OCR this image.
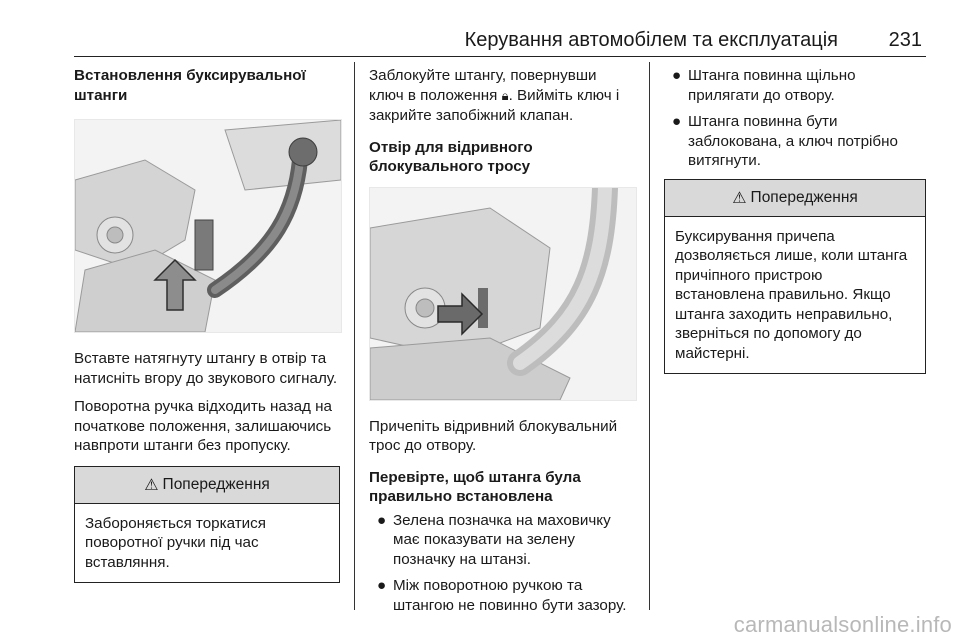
Керування автомобілем та експлуатація	231
Встановлення буксирувальної штанги

Вставте натягнуту штангу в отвір та натисніть вгору до звукового сигналу.

Поворотна ручка відходить назад на початкове положення, залишаючись навпроти штанги без пропуску.

⚠ Попередження
Забороняється торкатися поворотної ручки під час вставляння.

Заблокуйте штангу, повернувши ключ в положення 🔒︎. Вийміть ключ і закрийте запобіжний клапан.

Отвір для відривного блокувального тросу

Причепіть відривний блокувальний трос до отвору.

Перевірте, щоб штанга була правильно встановлена
● Зелена позначка на маховичку має показувати на зелену позначку на штанзі.
● Між поворотною ручкою та штангою не повинно бути зазору.
● Штанга повинна щільно прилягати до отвору.
● Штанга повинна бути заблокована, а ключ потрібно витягнути.
⚠ Попередження
Буксирування причепа дозволяється лише, коли штанга причіпного пристрою встановлена правильно. Якщо штанга заходить неправильно, зверніться по допомогу до майстерні.
carmanualsonline.info
